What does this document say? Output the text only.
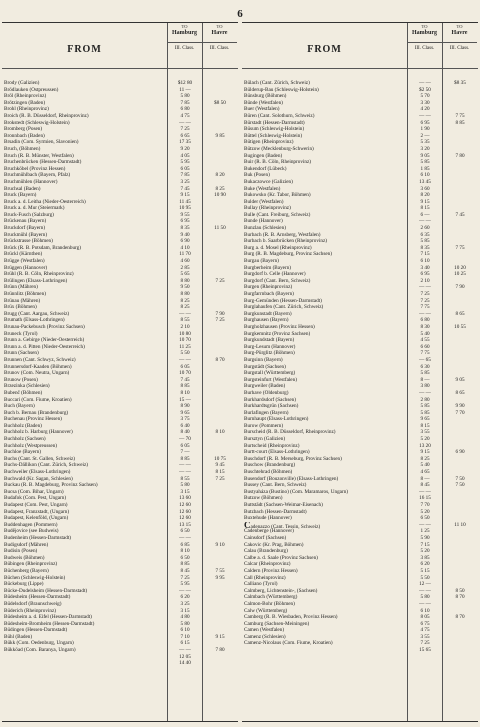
6
FROM
TO
Hamburg
III. Class.
TO
Havre
III. Class.
Brody (Galizien)	$12 80
Brödlauken (Ostpreussen)	11 —
Bröl (Rheinprovinz)	5 80
Brötzingen (Baden)	7 85	$8 50
Brohl (Rheinprovinz)	6 80
Broich (R. B. Düsseldorf, Rheinprovinz)	4 75
Brokstedt (Schleswig-Holstein)	— —
Bromberg (Posen)	7 25
Bronnbach (Baden)	6 65	9 85
Brsadin (Com. Syrmien, Slavonien)	17 35
Bruch, (Böhmen)	9 20
Bruch (R. B. Münster, Westfalen)	4 05
Bruchenbrücken (Hessen-Darmstadt)	5 95
Bruchköbel (Provinz Hessen)	6 05
Bruchmühlbach (Bayern, Pfalz)	7 85	8 20
Bruchmühlen (Hannover)	3 25
Bruchsal (Baden)	7 45	8 25
Bruck (Bayern)	9 15	10 90
Bruck a. d. Leitha (Nieder-Oesterreich)	11 45
Bruck a. d. Mur (Steiermark)	10 95
Bruck-Fusch (Salzburg)	9 55
Brückenau (Bayern)	6 95
Bruckdorf (Bayern)	8 35	11 50
Bruckmühl (Bayern)	9 40
Brückstrasse (Böhmen)	6 90
Brück (R. B. Potsdam, Brandenburg)	4 10
Brückl (Kärnthen)	11 70
Brügge (Westfalen)	4 60
Brüggen (Hannover)	2 85
Brühl (R. B. Cöln, Rheinprovinz)	5 65
Brülingen (Elsass-Lothringen)	8 80	7 25
Brünn (Mähren)	9 50
Brünnlitz (Böhmen)	8 80
Brünau (Mähren)	8 25
Brüx (Böhmen)	8 25
Brugg (Cant. Aargau, Schweiz)	— —	7 90
Brumath (Elsass-Lothringen)	8 55	7 25
Brunau-Packebusch (Provinz Sachsen)	2 10
Bruneck (Tyrol)	10 80
Brunn a. Gebirge (Nieder-Oesterreich)	10 70
Brunn a. d. Pitten (Nieder-Oesterreich)	11 25
Brunn (Sachsen)	5 50
Brunnen (Cant. Schwyz, Schweiz)	— —	8 70
Brunnersdorf-Kaaden (Böhmen)	6 05
Brunov (Com. Neutra, Ungarn)	10 70
Brunow (Posen)	7 45
Brzezinka (Schlesien)	8 85
Bubenč (Böhmen)	8 10
Buccari (Com. Fiume, Kroatien)	15 —
Buch (Bayern)	8 90
Buch b. Bernau (Brandenburg)	9 65
Buchenau (Provinz Hessen)	3 75
Buchholz (Baden)	6 40
Buchholz b. Harburg (Hannover)	8 40	8 10
Buchholz (Sachsen)	— 70
Buchholz (Westpreussen)	6 05
Buchloe (Bayern)	7 —
Buchs (Cant. St. Gallen, Schweiz)	8 85	10 75
Buchs-Dällikon (Cant. Zürich, Schweiz)	— —	9 45
Buchweiler (Elsass-Lothringen)	— —	8 15
Buchwald (Kr. Sagan, Schlesien)	8 55	7 25
Buckau (R. B. Magdeburg, Provinz Sachsen)	5 80
Bucsa (Com. Bihar, Ungarn)	3 15
Budafok (Com. Pest, Ungarn)	13 60
Budapest (Com. Pest, Ungarn)	12 60
Budapest, Franzstadt, (Ungarn)	12 60
Budapest, Kelenföld, (Ungarn)	12 60
Buddenhagen (Pommern)	13 15
Budějovice (see Budweis)	6 50
Budenheim (Hessen-Darmstadt)	— —
Budigsdorf (Mähren)	6 85	9 10
Budisin (Posen)	8 10
Budweis (Böhmen)	6 50
Bübingen (Rheinprovinz)	8 85
Büchenberg (Bayern)	8 45	7 55
Büchen (Schleswig-Holstein)	7 25	9 95
Bückeburg (Lippe)	5 95
Bücke-Dudelsheim (Hessen-Darmstadt)	— —
Büdesheim (Hessen-Darmstadt)	6 20
Büdelsdorf (Braunschweig)	3 25
Büderich (Rheinprovinz)	3 15
Büdesheim a. d. Eifel (Hessen-Darmstadt)	4 80
Büdesheim-Bromheim (Hessen-Darmstadt)	5 80
Büdingen (Hessen-Darmstadt)	6 10
Bühl (Baden)	7 10	9 15
Bükk (Com. Oedenburg, Ungarn)	6 15
Bükköad (Com. Baranya, Ungarn)	— —	7 80
12 05
14 40
FROM
TO
Hamburg
III. Class.
TO
Havre
III. Class.
Bülach (Cant. Zürich, Schweiz)	— —	$8 35
Bülderup-Bau (Schleswig-Holstein)	$2 50
Bünsburg (Böhmen)	5 70
Bünde (Westfalen)	3 30
Buer (Westfalen)	4 20
Büren (Cant. Solothurn, Schweiz)	— —	7 75
Bürstadt (Hessen-Darmstadt)	6 95	8 85
Büsum (Schleswig-Holstein)	1 90
Büttel (Schleswig-Holstein)	2 —
Bütigen (Rheinprovinz)	5 35
Bützow (Mecklenburg-Schwerin)	3 20
Bugingen (Baden)	9 05	7 80
Buir (R. B. Cöln, Rheinprovinz)	5 85
Bukendorf (Lübeck)	1 85
Buk (Posen)	6 10
Bukaczowce (Galizien)	13 45
Buke (Westfalen)	3 60
Bukowsko (Kr. Tabor, Böhmen)	8 20
Bulder (Westfalen)	9 15
Bullay (Rheinprovinz)	8 15
Bulle (Cant. Freiburg, Schweiz)	6 —	7 45
Bunde (Hannover)	— —
Bunzlau (Schlesien)	2 60
Burbach (R. B. Arnsberg, Westfalen)	6 35
Burbach b. Saarbrücken (Rheinprovinz)	5 85
Burg a. d. Mosel (Rheinprovinz)	8 35	7 75
Burg (R. B. Magdeburg, Provinz Sachsen)	7 15
Burgau (Bayern)	6 10
Burgberheim (Bayern)	3 40	10 20
Burgdorf b. Celle (Hannover)	6 95	10 25
Burgdorf (Cant. Bern, Schweiz)	2 10
Burgen (Rheinprovinz)	— —	7 90
Burgfarrnbach (Bayern)	7 25
Burg-Gemünden (Hessen-Darmstadt)	7 25
Burglahaufen (Cant. Zürich, Schweiz)	7 75
Burgkunstadt (Bayern)	— —	8 65
Burghausen (Bayern)	6 80
Burgholzhausen (Provinz Hessen)	8 30	10 55
Burgkemnitz (Provinz Sachsen)	5 40
Burgkundstadt (Bayern)	4 55
Burg-Lesum (Hannover)	6 60
Burg-Pürglitz (Böhmen)	7 75
Burgsinn (Bayern)	— 65
Burgstädt (Sachsen)	6 30
Burgstall (Württemberg)	5 85
Burgsteinfurt (Westfalen)	8 —	9 05
Burgweiler (Baden)	3 80
Burhave (Oldenburg)	— —	8 65
Burkhardsdorf (Sachsen)	2 80
Burkhardtsgrün (Sachsen)	5 85	9 90
Burlafingen (Bayern)	5 85	7 70
Burnhaupt (Elsass-Lothringen)	9 65
Burow (Pommern)	8 15
Burscheid (R. B. Düsseldorf, Rheinprovinz)	3 55
Bursztyn (Galizien)	5 20
Burtscheid (Rheinprovinz)	13 20
Burtt-court (Elsass-Lothringen)	9 15	6 90
Buschdorf (R. B. Merseburg, Provinz Sachsen)	8 25
Buschow (Brandenburg)	5 40
Buschtehrad (Böhmen)	4 65
Busendorf (Bouzonville) (Elsass-Lothringen)	8 —	7 50
Bussey (Cant. Bern, Schweiz)	8 45	7 50
Bustyaháza (Bustino) (Com. Maramaros, Ungarn)	— —
Butzow (Böhmen)	16 15
Buttstädt (Sachsen-Weimar-Eisenach)	7 70
Butzbach (Hessen-Darmstadt)	5 20
Buxtehude (Hannover)	6 50
Cadenazzo (Cant. Tessin, Schweiz)	— —	11 10
Cadenberge (Hannover)	1 25
Cainsdorf (Sachsen)	5 90
Cakovic (Kr. Prag, Böhmen)	7 15
Calau (Brandenburg)	5 20
Calbe a. d. Saale (Provinz Sachsen)	3 85
Calcar (Rheinprovinz)	6 20
Caldern (Provinz Hessen)	5 15
Call (Rheinprovinz)	5 50
Calliano (Tyrol)	12 —
Calmberg, Lichtenstein-, (Sachsen)	— —	8 50
Calmbach (Württemberg)	5 80	8 70
Calmon-Bohr (Böhmen)	— —
Calw (Württemberg)	6 10
Camberg (R. B. Wiesbaden, Provinz Hessen)	8 05	8 70
Camburg (Sachsen-Meiningen)	6 75
Camen (Westfalen)	4 75
Camenz (Schlesien)	3 55
Camenz-Nicolaus (Com. Fiume, Kroatien)	7 25
15 65
